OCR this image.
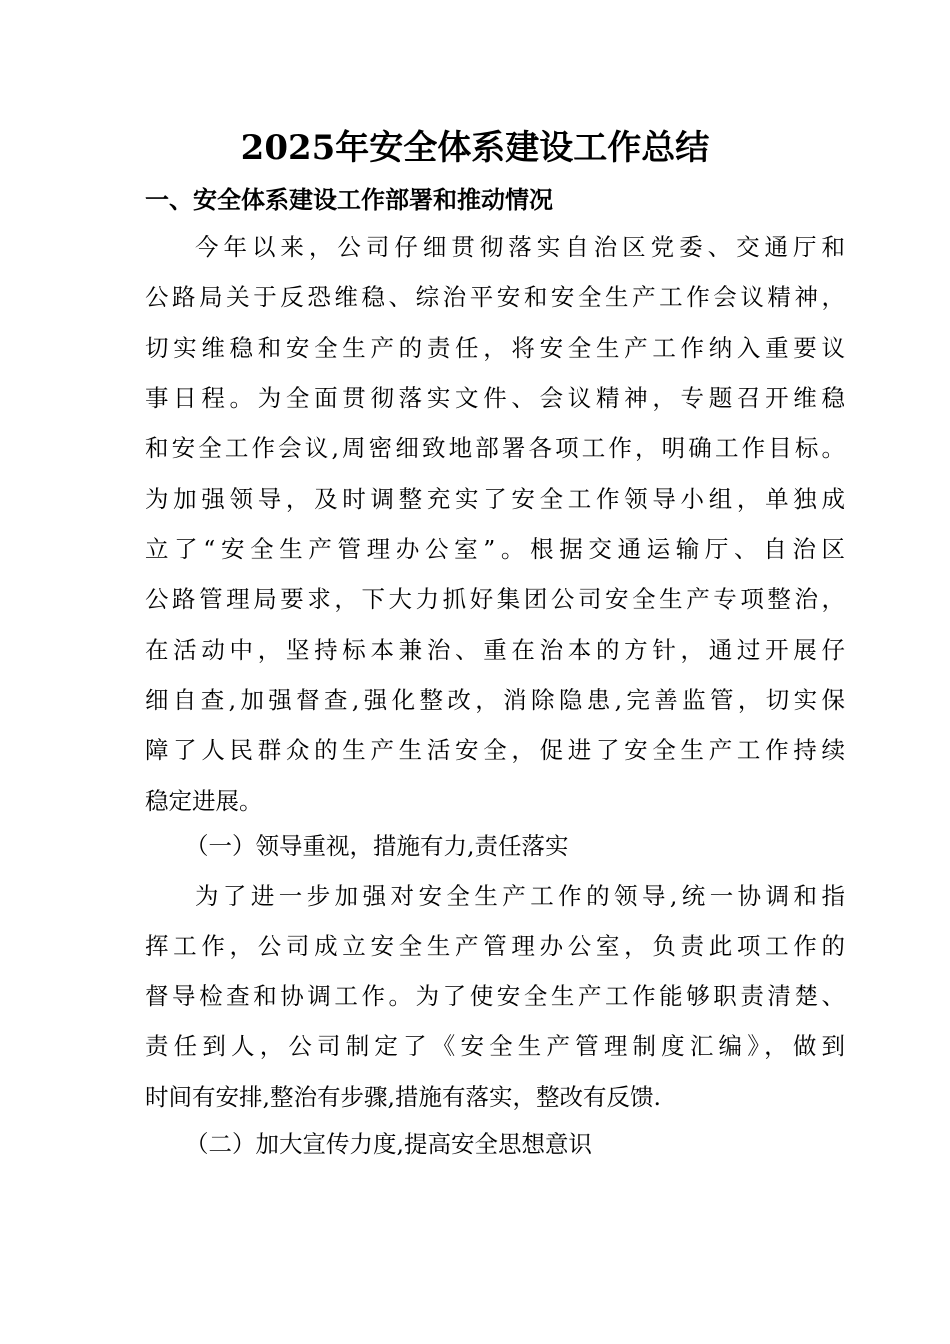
2025年安全体系建设工作总结
一、安全体系建设工作部署和推动情况
今年以来，公司仔细贯彻落实自治区党委、交通厅和
公路局关于反恐维稳、综治平安和安全生产工作会议精神，
切实维稳和安全生产的责任，将安全生产工作纳入重要议
事日程。为全面贯彻落实文件、会议精神，专题召开维稳
和安全工作会议,周密细致地部署各项工作，明确工作目标。
为加强领导，及时调整充实了安全工作领导小组，单独成
立了“安全生产管理办公室”。根据交通运输厅、自治区
公路管理局要求，下大力抓好集团公司安全生产专项整治，
在活动中，坚持标本兼治、重在治本的方针，通过开展仔
细自查,加强督查,强化整改，消除隐患,完善监管，切实保
障了人民群众的生产生活安全，促进了安全生产工作持续
稳定进展。
（一）领导重视，措施有力,责任落实
为了进一步加强对安全生产工作的领导,统一协调和指
挥工作，公司成立安全生产管理办公室，负责此项工作的
督导检查和协调工作。为了使安全生产工作能够职责清楚、
责任到人，公司制定了《安全生产管理制度汇编》，做到
时间有安排,整治有步骤,措施有落实，整改有反馈.
（二）加大宣传力度,提高安全思想意识
